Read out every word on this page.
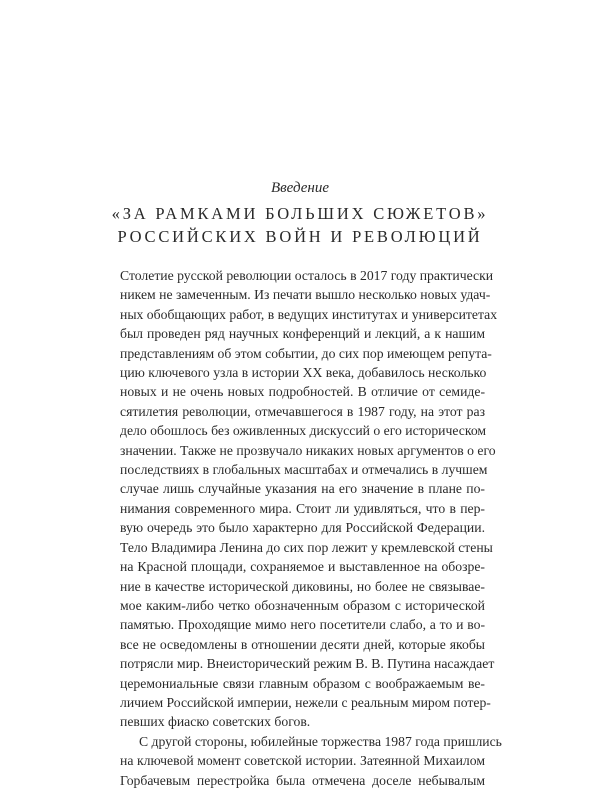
Введение
«ЗА РАМКАМИ БОЛЬШИХ СЮЖЕТОВ»
РОССИЙСКИХ ВОЙН И РЕВОЛЮЦИЙ

Столетие русской революции осталось в 2017 году практически
никем не замеченным. Из печати вышло несколько новых удач-
ных обобщающих работ, в ведущих институтах и университетах
был проведен ряд научных конференций и лекций, а к нашим
представлениям об этом событии, до сих пор имеющем репута-
цию ключевого узла в истории XX века, добавилось несколько
новых и не очень новых подробностей. В отличие от семиде-
сятилетия революции, отмечавшегося в 1987 году, на этот раз
дело обошлось без оживленных дискуссий о его историческом
значении. Также не прозвучало никаких новых аргументов о его
последствиях в глобальных масштабах и отмечались в лучшем
случае лишь случайные указания на его значение в плане по-
нимания современного мира. Стоит ли удивляться, что в пер-
вую очередь это было характерно для Российской Федерации.
Тело Владимира Ленина до сих пор лежит у кремлевской стены
на Красной площади, сохраняемое и выставленное на обозре-
ние в качестве исторической диковины, но более не связывае-
мое каким-либо четко обозначенным образом с исторической
памятью. Проходящие мимо него посетители слабо, а то и во-
все не осведомлены в отношении десяти дней, которые якобы
потрясли мир. Внеисторический режим В. В. Путина насаждает
церемониальные связи главным образом с воображаемым ве-
личием Российской империи, нежели с реальным миром потер-
певших фиаско советских богов.

С другой стороны, юбилейные торжества 1987 года пришлись
на ключевой момент советской истории. Затеянной Михаилом
Горбачевым перестройка была отмечена доселе небывалым
